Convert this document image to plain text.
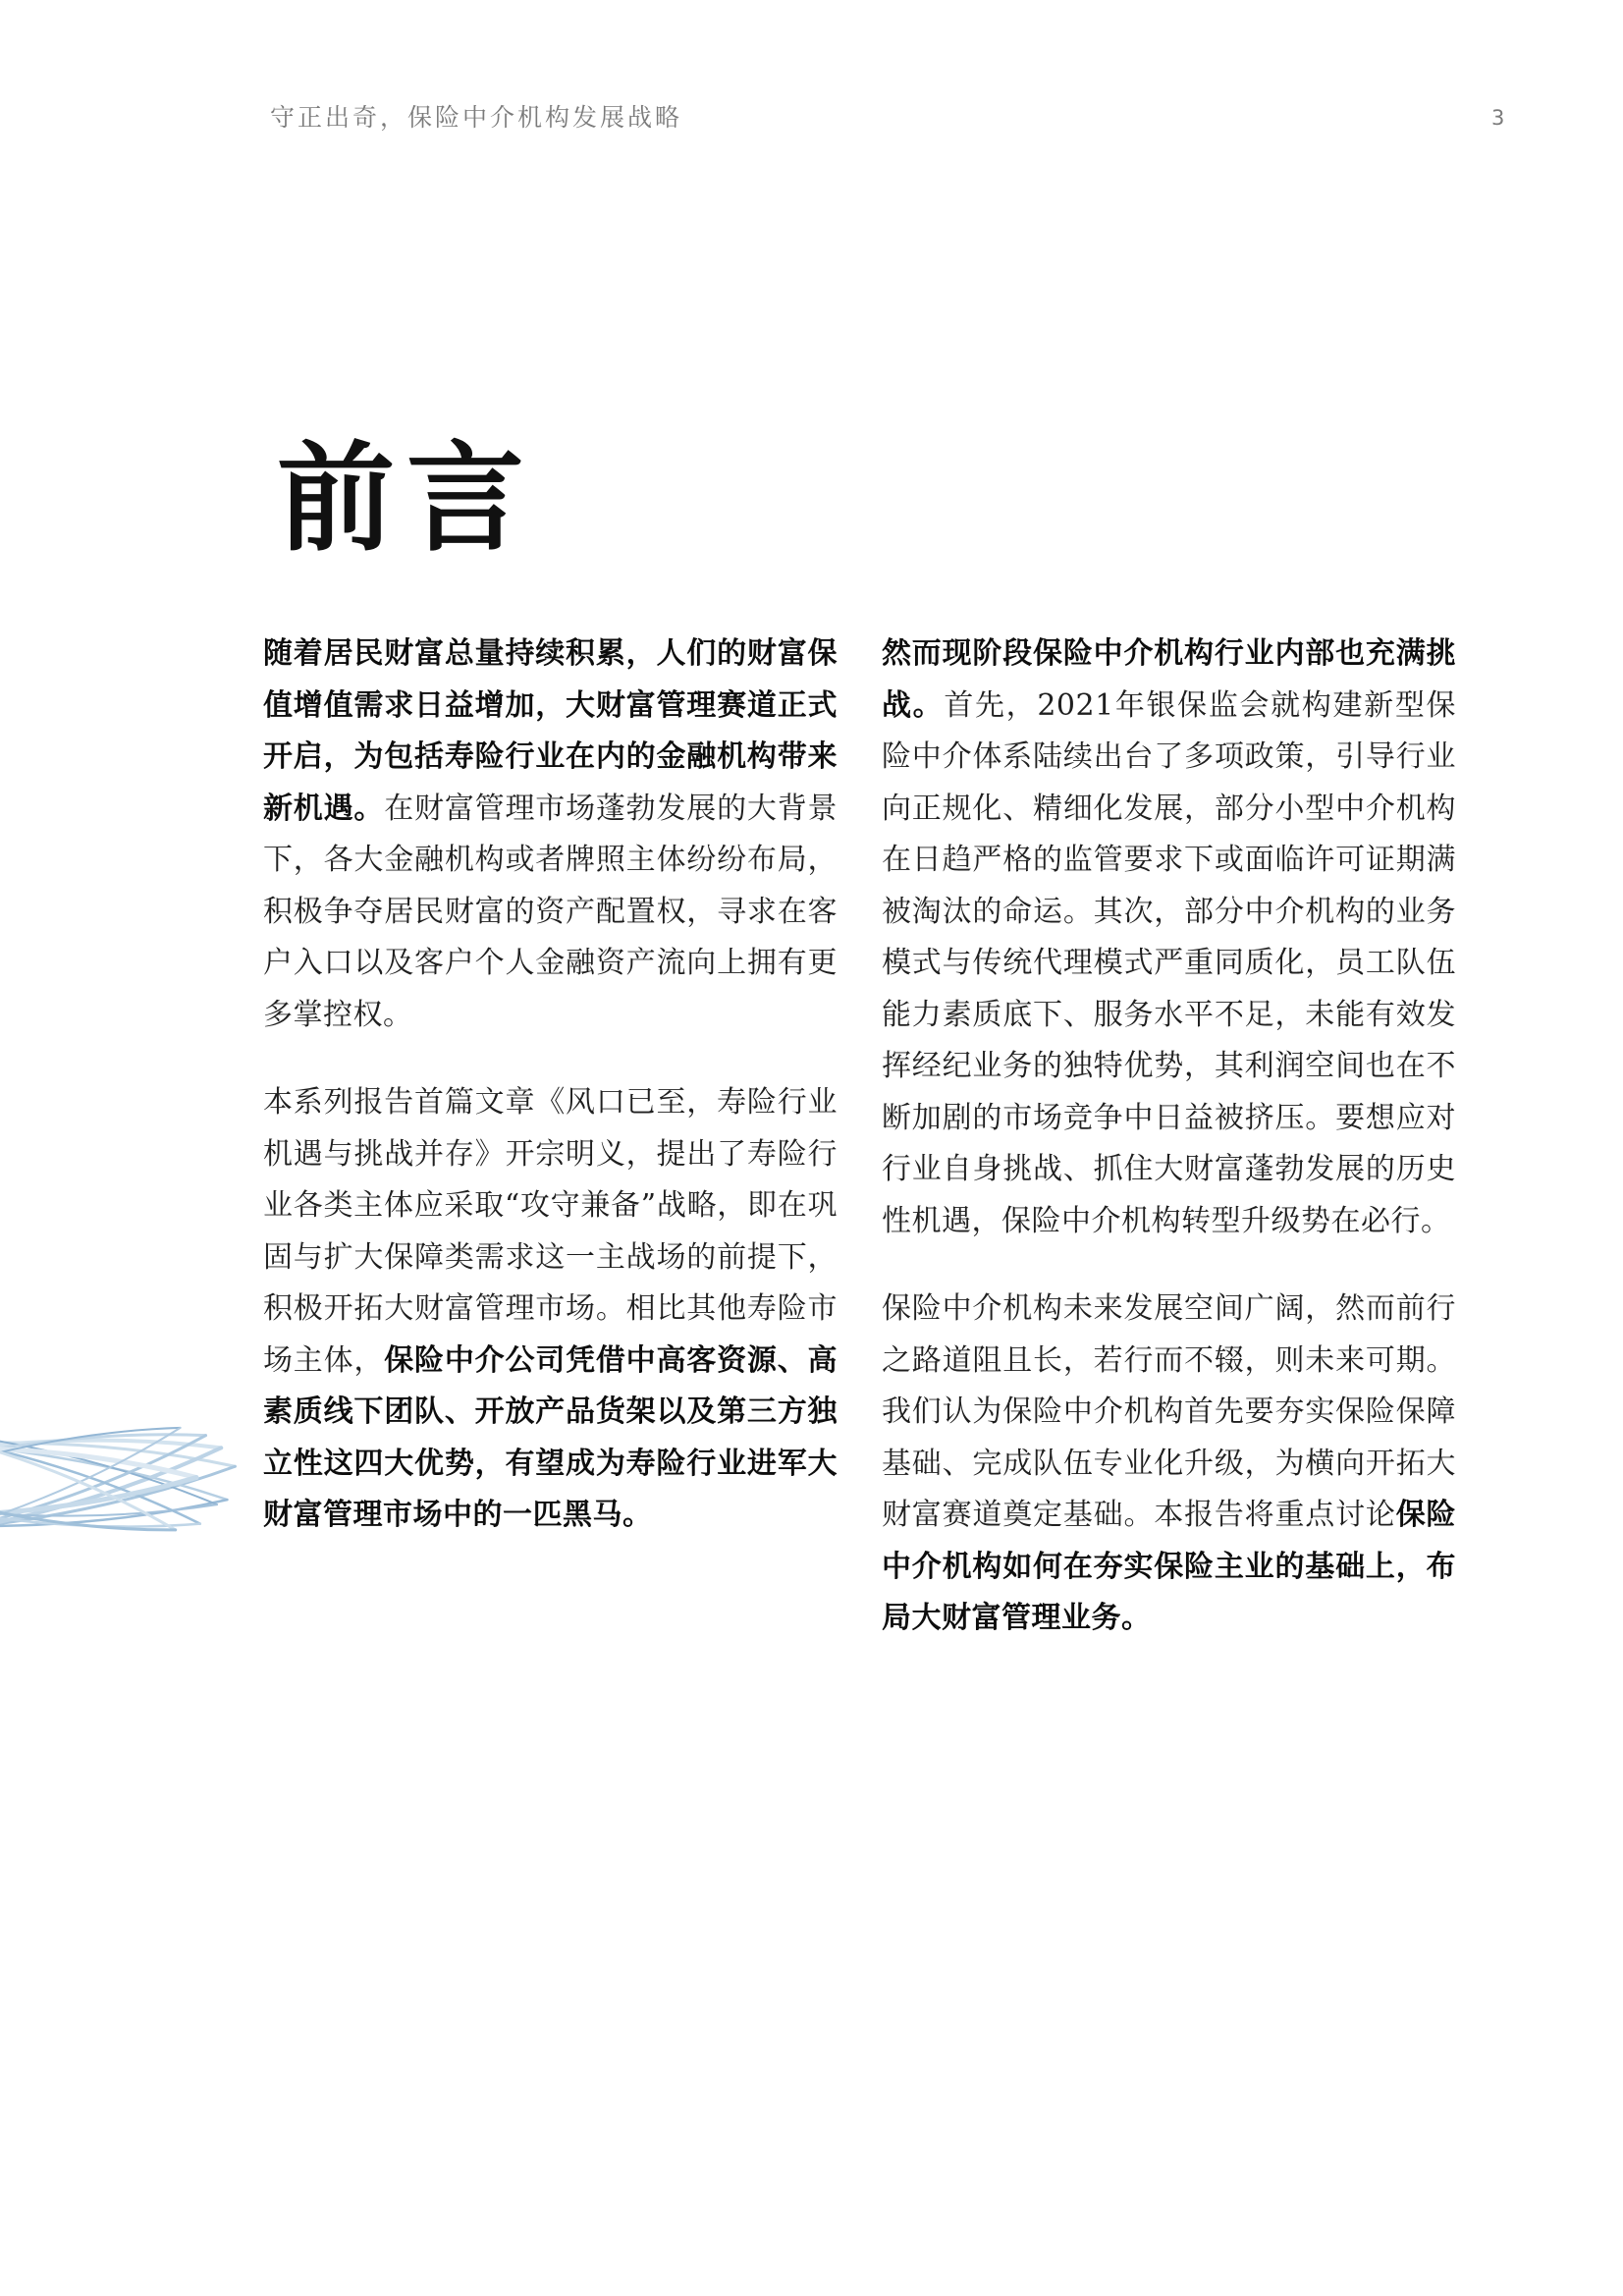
守正出奇，保险中介机构发展战略	3
前言

随着居民财富总量持续积累，人们的财富保值增值需求日益增加，大财富管理赛道正式开启，为包括寿险行业在内的金融机构带来新机遇。在财富管理市场蓬勃发展的大背景下，各大金融机构或者牌照主体纷纷布局，积极争夺居民财富的资产配置权，寻求在客户入口以及客户个人金融资产流向上拥有更多掌控权。

本系列报告首篇文章《风口已至，寿险行业机遇与挑战并存》开宗明义，提出了寿险行业各类主体应采取“攻守兼备”战略，即在巩固与扩大保障类需求这一主战场的前提下，积极开拓大财富管理市场。相比其他寿险市场主体，保险中介公司凭借中高客资源、高素质线下团队、开放产品货架以及第三方独立性这四大优势，有望成为寿险行业进军大财富管理市场中的一匹黑马。

然而现阶段保险中介机构行业内部也充满挑战。首先，2021年银保监会就构建新型保险中介体系陆续出台了多项政策，引导行业向正规化、精细化发展，部分小型中介机构在日趋严格的监管要求下或面临许可证期满被淘汰的命运。其次，部分中介机构的业务模式与传统代理模式严重同质化，员工队伍能力素质底下、服务水平不足，未能有效发挥经纪业务的独特优势，其利润空间也在不断加剧的市场竞争中日益被挤压。要想应对行业自身挑战、抓住大财富蓬勃发展的历史性机遇，保险中介机构转型升级势在必行。

保险中介机构未来发展空间广阔，然而前行之路道阻且长，若行而不辍，则未来可期。我们认为保险中介机构首先要夯实保险保障基础、完成队伍专业化升级，为横向开拓大财富赛道奠定基础。本报告将重点讨论保险中介机构如何在夯实保险主业的基础上，布局大财富管理业务。
